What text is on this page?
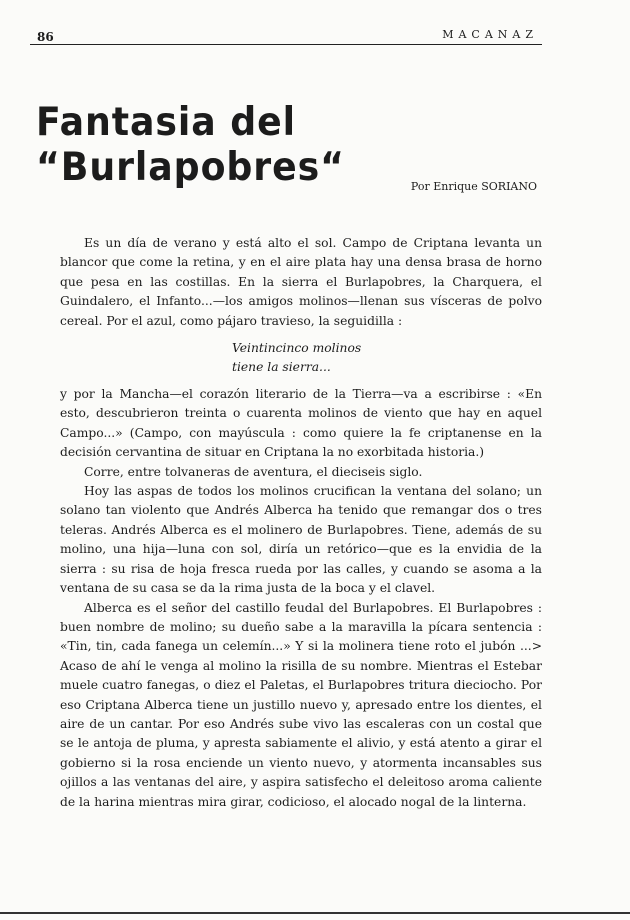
86	MACANAZ
Fantasia del “Burlapobres“	Por Enrique SORIANO

Es un día de verano y está alto el sol. Campo de Criptana levanta un blancor que come la retina, y en el aire plata hay una densa brasa de horno que pesa en las costillas. En la sierra el Burlapobres, la Charquera, el Guindalero, el Infanto...—los amigos molinos—llenan sus vísceras de polvo cereal. Por el azul, como pájaro travieso, la seguidilla :

Veintincinco molinos
tiene la sierra...

y por la Mancha—el corazón literario de la Tierra—va a escribirse : «En esto, descubrieron treinta o cuarenta molinos de viento que hay en aquel Campo...» (Campo, con mayúscula : como quiere la fe criptanense en la decisión cervantina de situar en Criptana la no exorbitada historia.)

Corre, entre tolvaneras de aventura, el dieciseis siglo.

Hoy las aspas de todos los molinos crucifican la ventana del solano; un solano tan violento que Andrés Alberca ha tenido que remangar dos o tres teleras. Andrés Alberca es el molinero de Burlapobres. Tiene, además de su molino, una hija—luna con sol, diría un retórico—que es la envidia de la sierra : su risa de hoja fresca rueda por las calles, y cuando se asoma a la ventana de su casa se da la rima justa de la boca y el clavel.

Alberca es el señor del castillo feudal del Burlapobres. El Burlapobres : buen nombre de molino; su dueño sabe a la maravilla la pícara sentencia : «Tin, tin, cada fanega un celemín...» Y si la molinera tiene roto el jubón ...> Acaso de ahí le venga al molino la risilla de su nombre. Mientras el Estebar muele cuatro fanegas, o diez el Paletas, el Burlapobres tritura dieciocho. Por eso Criptana Alberca tiene un justillo nuevo y, apresado entre los dientes, el aire de un cantar. Por eso Andrés sube vivo las escaleras con un costal que se le antoja de pluma, y apresta sabiamente el alivio, y está atento a girar el gobierno si la rosa enciende un viento nuevo, y atormenta incansables sus ojillos a las ventanas del aire, y aspira satisfecho el deleitoso aroma caliente de la harina mientras mira girar, codicioso, el alocado nogal de la linterna.
